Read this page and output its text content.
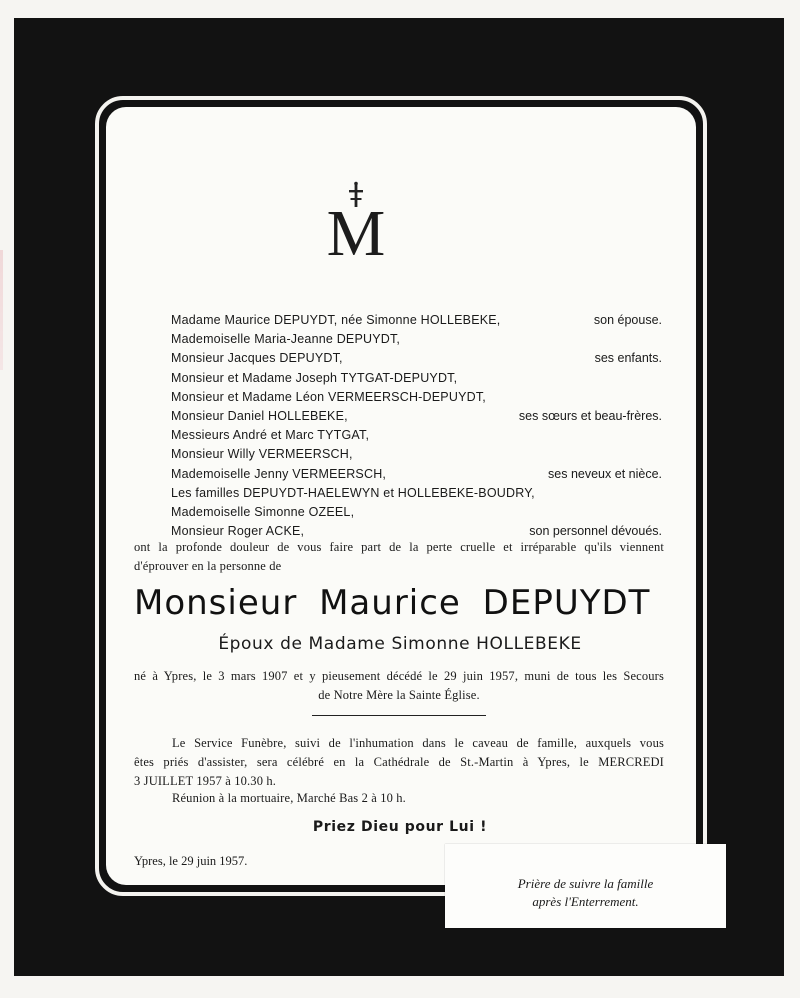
M
Madame Maurice DEPUYDT, née Simonne HOLLEBEKE,	son épouse.
Mademoiselle Maria-Jeanne DEPUYDT,
Monsieur Jacques DEPUYDT,	ses enfants.
Monsieur et Madame Joseph TYTGAT-DEPUYDT,
Monsieur et Madame Léon VERMEERSCH-DEPUYDT,
Monsieur Daniel HOLLEBEKE,	ses sœurs et beau-frères.
Messieurs André et Marc TYTGAT,
Monsieur Willy VERMEERSCH,
Mademoiselle Jenny VERMEERSCH,	ses neveux et nièce.
Les familles DEPUYDT-HAELEWYN et HOLLEBEKE-BOUDRY,
Mademoiselle Simonne OZEEL,
Monsieur Roger ACKE,	son personnel dévoués.
ont la profonde douleur de vous faire part de la perte cruelle et irréparable qu'ils viennent
d'éprouver en la personne de
Monsieur Maurice DEPUYDT
Époux de Madame Simonne HOLLEBEKE
né à Ypres, le 3 mars 1907 et y pieusement décédé le 29 juin 1957, muni de tous les Secours
de Notre Mère la Sainte Église.
Le Service Funèbre, suivi de l'inhumation dans le caveau de famille, auxquels vous
êtes priés d'assister, sera célébré en la Cathédrale de St.-Martin à Ypres, le MERCREDI
3 JUILLET 1957 à 10.30 h.
Réunion à la mortuaire, Marché Bas 2 à 10 h.
Priez Dieu pour Lui !
Ypres, le 29 juin 1957.
Prière de suivre la famille
après l'Enterrement.
